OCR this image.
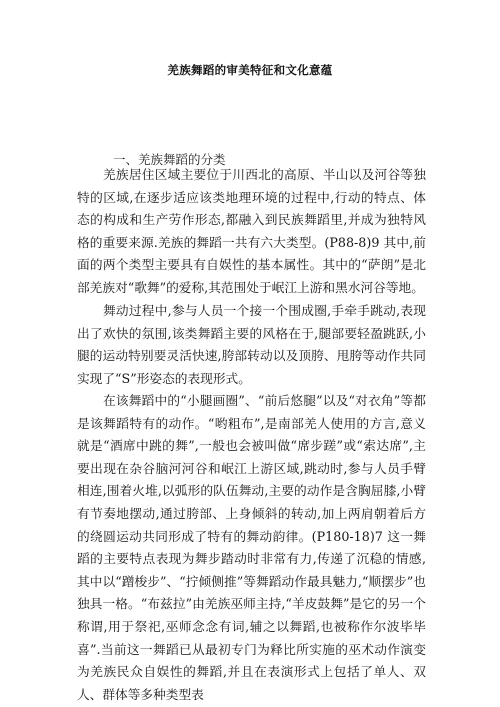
羌族舞蹈的审美特征和文化意蕴
一、羌族舞蹈的分类

羌族居住区域主要位于川西北的高原、半山以及河谷等独特的区域,在逐步适应该类地理环境的过程中,行动的特点、体态的构成和生产劳作形态,都融入到民族舞蹈里,并成为独特风格的重要来源.羌族的舞蹈一共有六大类型。(P88-8)9 其中,前面的两个类型主要具有自娱性的基本属性。其中的“萨朗”是北部羌族对“歌舞”的爱称,其范围处于岷江上游和黑水河谷等地。

舞动过程中,参与人员一个接一个围成圈,手牵手跳动,表现出了欢快的氛围,该类舞蹈主要的风格在于,腿部要轻盈跳跃,小腿的运动特别要灵活快速,胯部转动以及顶胯、甩胯等动作共同实现了“S”形姿态的表现形式。

在该舞蹈中的“小腿画圈”、“前后悠腿”以及“对衣角”等都是该舞蹈特有的动作。“哟粗布”,是南部羌人使用的方言,意义就是“酒席中跳的舞”,一般也会被叫做“席步蹉”或“索达席”,主要出现在杂谷脑河河谷和岷江上游区域,跳动时,参与人员手臂相连,围着火堆,以弧形的队伍舞动,主要的动作是含胸屈膝,小臂有节奏地摆动,通过胯部、上身倾斜的转动,加上两肩朝着后方的绕圆运动共同形成了特有的舞动韵律。(P180-18)7 这一舞蹈的主要特点表现为舞步踏动时非常有力,传递了沉稳的情感,其中以“蹭梭步”、“拧倾侧推”等舞蹈动作最具魅力,“顺摆步”也独具一格。“布兹拉”由羌族巫师主持,“羊皮鼓舞”是它的另一个称谓,用于祭祀,巫师念念有词,辅之以舞蹈,也被称作尔波毕毕喜”.当前这一舞蹈已从最初专门为释比所实施的巫术动作演变为羌族民众自娱性的舞蹈,并且在表演形式上包括了单人、双人、群体等多种类型表
